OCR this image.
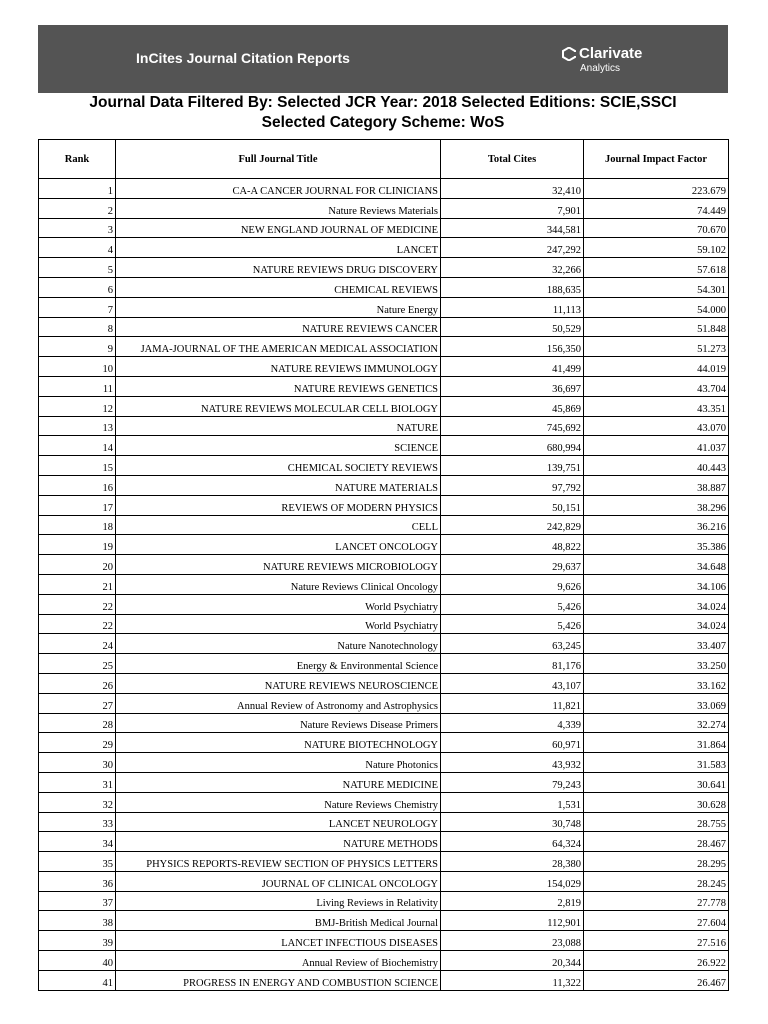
InCites Journal Citation Reports	Clarivate
Analytics
Journal Data Filtered By: Selected JCR Year: 2018 Selected Editions: SCIE,SSCI
Selected Category Scheme: WoS
Rank	Full Journal Title	Total Cites	Journal Impact Factor
1	CA-A CANCER JOURNAL FOR CLINICIANS	32,410	223.679
2	Nature Reviews Materials	7,901	74.449
3	NEW ENGLAND JOURNAL OF MEDICINE	344,581	70.670
4	LANCET	247,292	59.102
5	NATURE REVIEWS DRUG DISCOVERY	32,266	57.618
6	CHEMICAL REVIEWS	188,635	54.301
7	Nature Energy	11,113	54.000
8	NATURE REVIEWS CANCER	50,529	51.848
9	JAMA-JOURNAL OF THE AMERICAN MEDICAL ASSOCIATION	156,350	51.273
10	NATURE REVIEWS IMMUNOLOGY	41,499	44.019
11	NATURE REVIEWS GENETICS	36,697	43.704
12	NATURE REVIEWS MOLECULAR CELL BIOLOGY	45,869	43.351
13	NATURE	745,692	43.070
14	SCIENCE	680,994	41.037
15	CHEMICAL SOCIETY REVIEWS	139,751	40.443
16	NATURE MATERIALS	97,792	38.887
17	REVIEWS OF MODERN PHYSICS	50,151	38.296
18	CELL	242,829	36.216
19	LANCET ONCOLOGY	48,822	35.386
20	NATURE REVIEWS MICROBIOLOGY	29,637	34.648
21	Nature Reviews Clinical Oncology	9,626	34.106
22	World Psychiatry	5,426	34.024
22	World Psychiatry	5,426	34.024
24	Nature Nanotechnology	63,245	33.407
25	Energy & Environmental Science	81,176	33.250
26	NATURE REVIEWS NEUROSCIENCE	43,107	33.162
27	Annual Review of Astronomy and Astrophysics	11,821	33.069
28	Nature Reviews Disease Primers	4,339	32.274
29	NATURE BIOTECHNOLOGY	60,971	31.864
30	Nature Photonics	43,932	31.583
31	NATURE MEDICINE	79,243	30.641
32	Nature Reviews Chemistry	1,531	30.628
33	LANCET NEUROLOGY	30,748	28.755
34	NATURE METHODS	64,324	28.467
35	PHYSICS REPORTS-REVIEW SECTION OF PHYSICS LETTERS	28,380	28.295
36	JOURNAL OF CLINICAL ONCOLOGY	154,029	28.245
37	Living Reviews in Relativity	2,819	27.778
38	BMJ-British Medical Journal	112,901	27.604
39	LANCET INFECTIOUS DISEASES	23,088	27.516
40	Annual Review of Biochemistry	20,344	26.922
41	PROGRESS IN ENERGY AND COMBUSTION SCIENCE	11,322	26.467
